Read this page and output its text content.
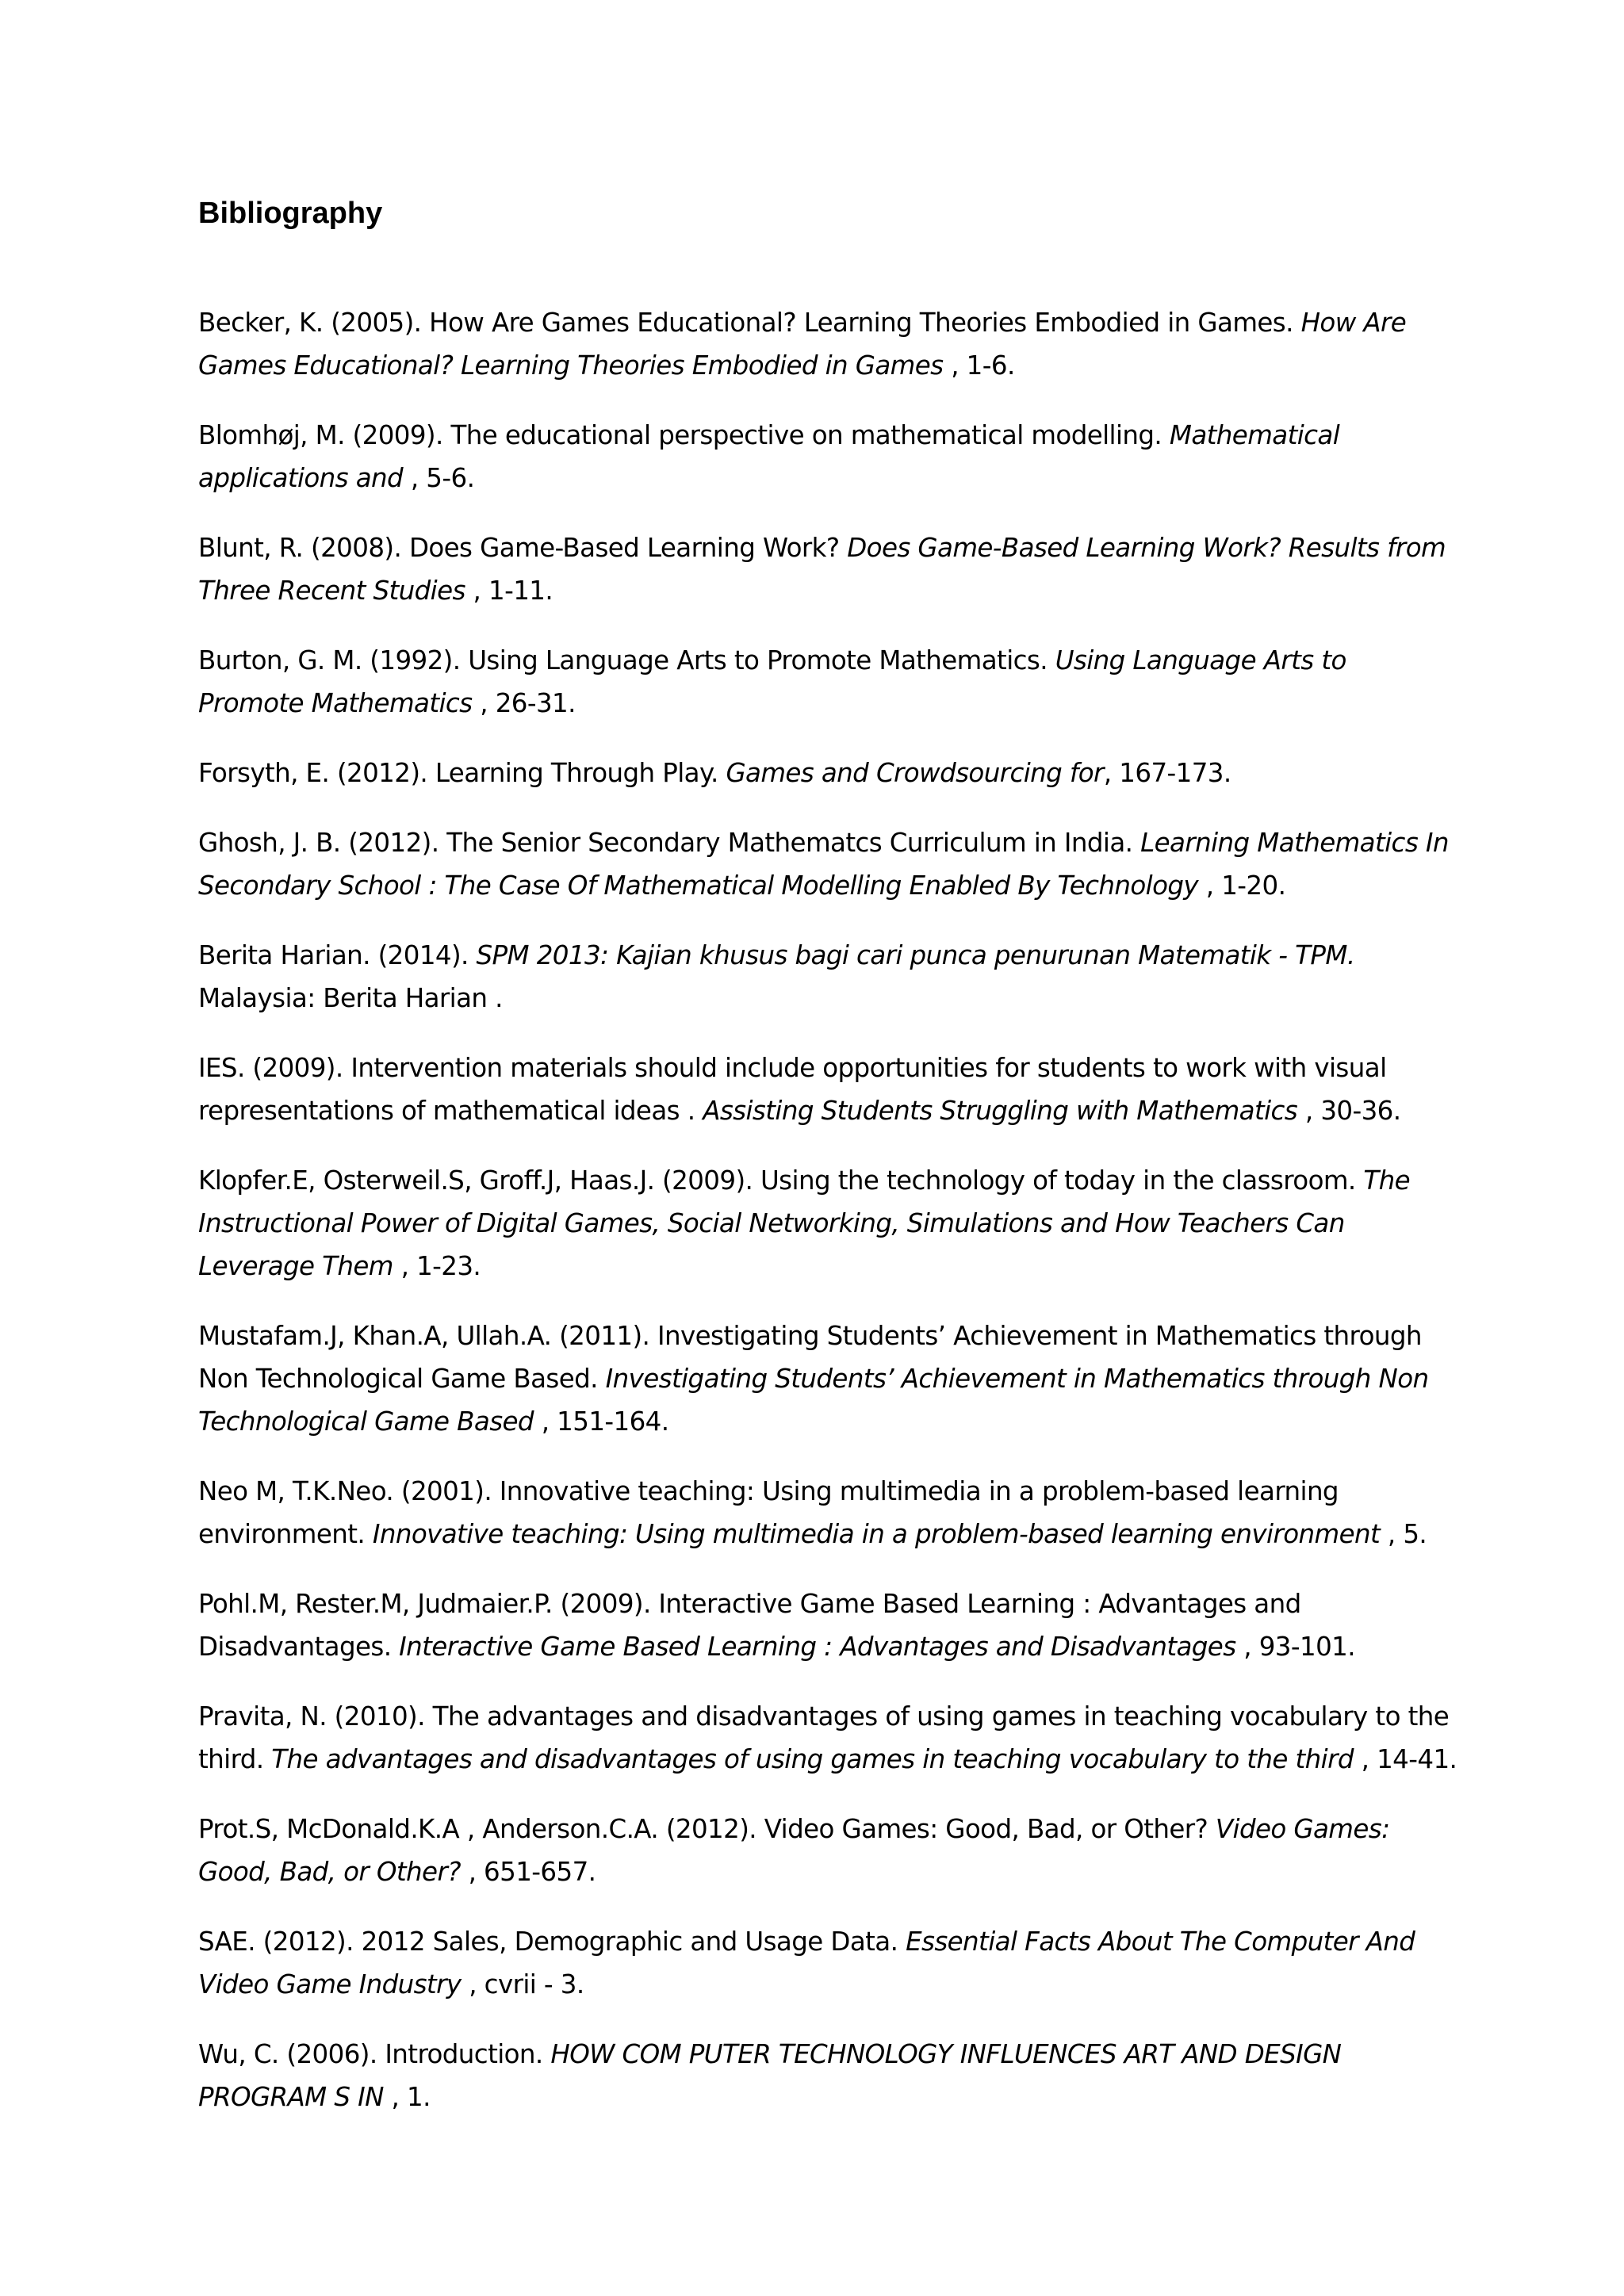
Bibliography

Becker, K. (2005). How Are Games Educational? Learning Theories Embodied in Games. How Are
Games Educational? Learning Theories Embodied in Games , 1-6.

Blomhøj, M. (2009). The educational perspective on mathematical modelling. Mathematical
applications and , 5-6.

Blunt, R. (2008). Does Game-Based Learning Work? Does Game-Based Learning Work? Results from
Three Recent Studies , 1-11.

Burton, G. M. (1992). Using Language Arts to Promote Mathematics. Using Language Arts to
Promote Mathematics , 26-31.

Forsyth, E. (2012). Learning Through Play. Games and Crowdsourcing for, 167-173.

Ghosh, J. B. (2012). The Senior Secondary Mathematcs Curriculum in India. Learning Mathematics In
Secondary School : The Case Of Mathematical Modelling Enabled By Technology , 1-20.

Berita Harian. (2014). SPM 2013: Kajian khusus bagi cari punca penurunan Matematik - TPM.
Malaysia: Berita Harian .

IES. (2009). Intervention materials should include opportunities for students to work with visual
representations of mathematical ideas . Assisting Students Struggling with Mathematics , 30-36.

Klopfer.E, Osterweil.S, Groff.J, Haas.J. (2009). Using the technology of today in the classroom. The
Instructional Power of Digital Games, Social Networking, Simulations and How Teachers Can
Leverage Them , 1-23.

Mustafam.J, Khan.A, Ullah.A. (2011). Investigating Students’ Achievement in Mathematics through
Non Technological Game Based. Investigating Students’ Achievement in Mathematics through Non
Technological Game Based , 151-164.

Neo M, T.K.Neo. (2001). Innovative teaching: Using multimedia in a problem-based learning
environment. Innovative teaching: Using multimedia in a problem-based learning environment , 5.

Pohl.M, Rester.M, Judmaier.P. (2009). Interactive Game Based Learning : Advantages and
Disadvantages. Interactive Game Based Learning : Advantages and Disadvantages , 93-101.

Pravita, N. (2010). The advantages and disadvantages of using games in teaching vocabulary to the
third. The advantages and disadvantages of using games in teaching vocabulary to the third , 14-41.

Prot.S, McDonald.K.A , Anderson.C.A. (2012). Video Games: Good, Bad, or Other? Video Games:
Good, Bad, or Other? , 651-657.

SAE. (2012). 2012 Sales, Demographic and Usage Data. Essential Facts About The Computer And
Video Game Industry , cvrii - 3.

Wu, C. (2006). Introduction. HOW COM PUTER TECHNOLOGY INFLUENCES ART AND DESIGN
PROGRAM S IN , 1.
